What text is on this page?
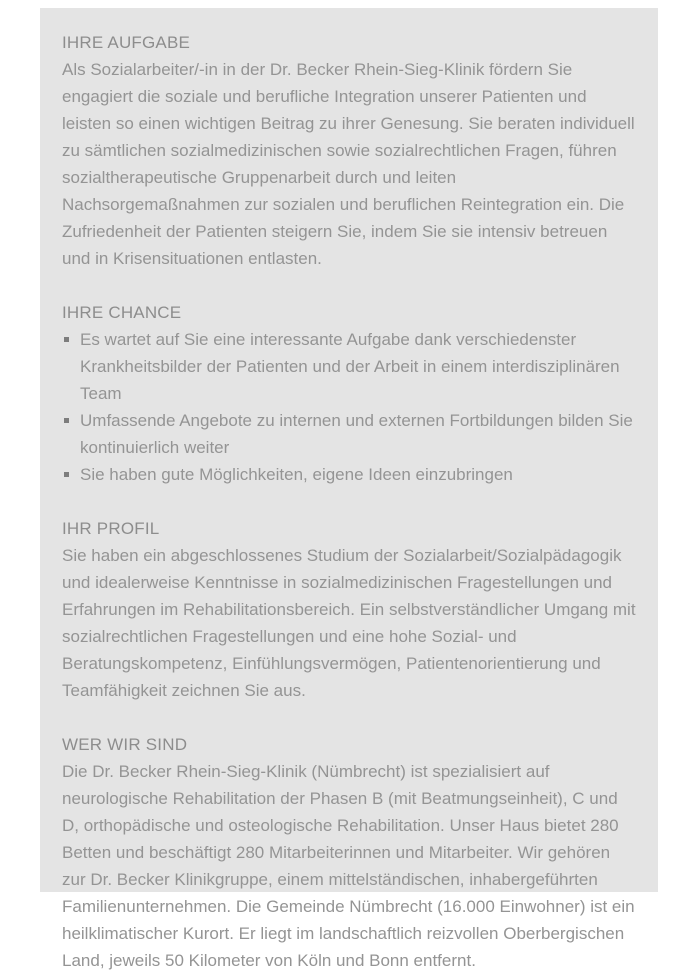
IHRE AUFGABE
Als Sozialarbeiter/-in in der Dr. Becker Rhein-Sieg-Klinik fördern Sie engagiert die soziale und berufliche Integration unserer Patienten und leisten so einen wichtigen Beitrag zu ihrer Genesung. Sie beraten individuell zu sämtlichen sozialmedizinischen sowie sozialrechtlichen Fragen, führen sozialtherapeutische Gruppenarbeit durch und leiten Nachsorgemaßnahmen zur sozialen und beruflichen Reintegration ein. Die Zufriedenheit der Patienten steigern Sie, indem Sie sie intensiv betreuen und in Krisensituationen entlasten.
IHRE CHANCE
Es wartet auf Sie eine interessante Aufgabe dank verschiedenster Krankheitsbilder der Patienten und der Arbeit in einem interdisziplinären Team
Umfassende Angebote zu internen und externen Fortbildungen bilden Sie kontinuierlich weiter
Sie haben gute Möglichkeiten, eigene Ideen einzubringen
IHR PROFIL
Sie haben ein abgeschlossenes Studium der Sozialarbeit/Sozialpädagogik und idealerweise Kenntnisse in sozialmedizinischen Fragestellungen und Erfahrungen im Rehabilitationsbereich. Ein selbstverständlicher Umgang mit sozialrechtlichen Fragestellungen und eine hohe Sozial- und Beratungskompetenz, Einfühlungsvermögen, Patientenorientierung und Teamfähigkeit zeichnen Sie aus.
WER WIR SIND
Die Dr. Becker Rhein-Sieg-Klinik (Nümbrecht) ist spezialisiert auf neurologische Rehabilitation der Phasen B (mit Beatmungseinheit), C und D, orthopädische und osteologische Rehabilitation. Unser Haus bietet 280 Betten und beschäftigt 280 Mitarbeiterinnen und Mitarbeiter. Wir gehören zur Dr. Becker Klinikgruppe, einem mittelständischen, inhabergeführten Familienunternehmen. Die Gemeinde Nümbrecht (16.000 Einwohner) ist ein heilklimatischer Kurort. Er liegt im landschaftlich reizvollen Oberbergischen Land, jeweils 50 Kilometer von Köln und Bonn entfernt.
